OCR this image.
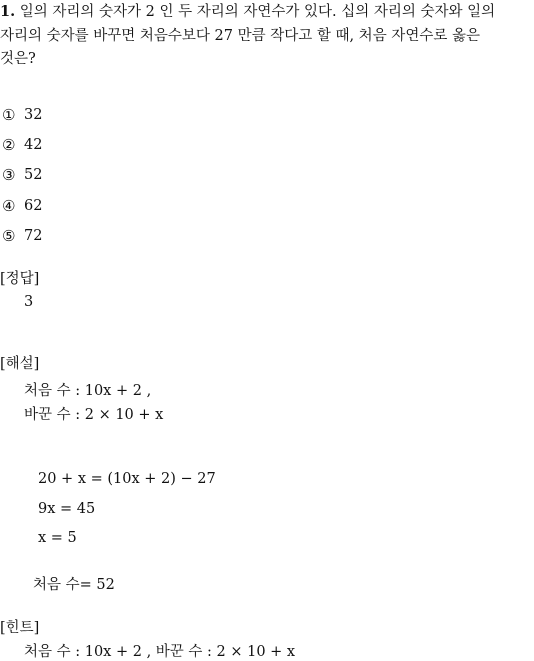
1. 일의 자리의 숫자가 2 인 두 자리의 자연수가 있다. 십의 자리의 숫자와 일의
자리의 숫자를 바꾸면 처음수보다 27 만큼 작다고 할 때, 처음 자연수로 옳은
것은?
① 32
② 42
③ 52
④ 62
⑤ 72
[정답]
3
[해설]
처음 수 : 10x + 2 ,
바꾼 수 : 2 × 10 + x
20 + x = (10x + 2) − 27
9x = 45
x = 5
처음 수= 52
[힌트]
처음 수 : 10x + 2 , 바꾼 수 : 2 × 10 + x
